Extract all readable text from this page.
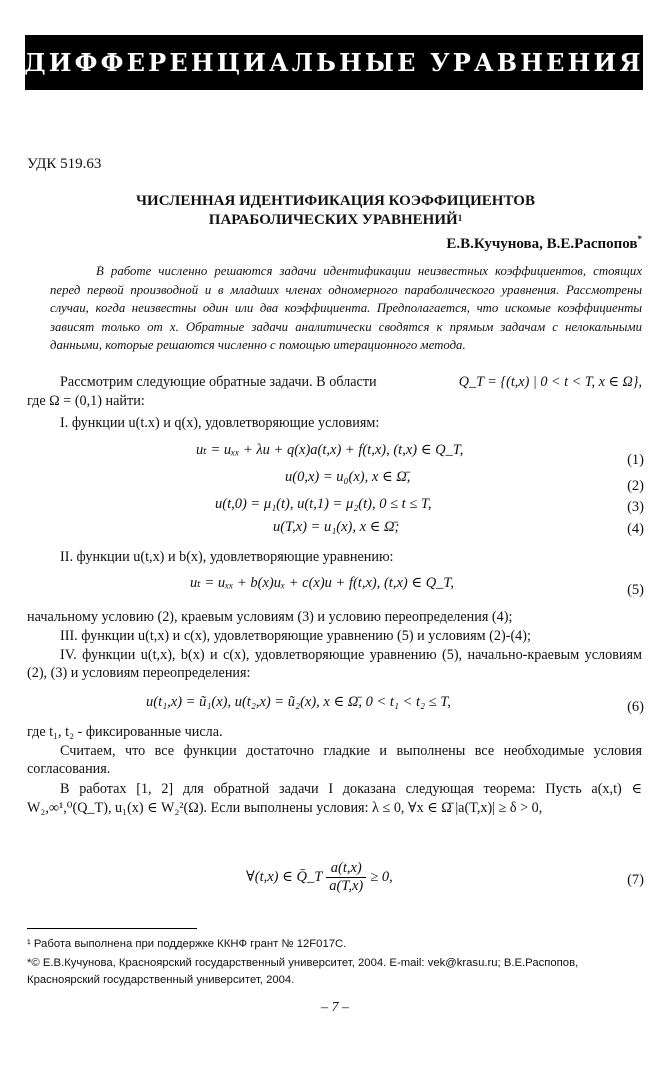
ДИФФЕРЕНЦИАЛЬНЫЕ УРАВНЕНИЯ
УДК 519.63
ЧИСЛЕННАЯ ИДЕНТИФИКАЦИЯ КОЭФФИЦИЕНТОВ
ПАРАБОЛИЧЕСКИХ УРАВНЕНИЙ$^1$
Е.В.Кучунова, В.Е.Распопов*

В работе численно решаются задачи идентификации неизвестных коэффициентов, стоящих перед первой производной и в младших членах одномерного параболического уравнения. Рассмотрены случаи, когда неизвестны один или два коэффициента. Предполагается, что искомые коэффициенты зависят только от x. Обратные задачи аналитически сводятся к прямым задачам с нелокальными данными, которые решаются численно с помощью итерационного метода.

Рассмотрим следующие обратные задачи. В области	Q_T = {(t,x) | 0 < t < T, x ∈ Ω},
где Ω = (0,1) найти:
I. функции u(t.x) и q(x), удовлетворяющие условиям:
uₜ = uₓₓ + λu + q(x)a(t,x) + f(t,x), (t,x) ∈ Q_T,
(1)
u(0,x) = u₀(x), x ∈ Ω̄,
(2)
u(t,0) = μ₁(t), u(t,1) = μ₂(t), 0 ≤ t ≤ T,	(3)
u(T,x) = u₁(x), x ∈ Ω̄;	(4)
II. функции u(t,x) и b(x), удовлетворяющие уравнению:
uₜ = uₓₓ + b(x)uₓ + c(x)u + f(t,x), (t,x) ∈ Q_T,	(5)
начальному условию (2), краевым условиям (3) и условию переопределения (4);
III. функции u(t,x) и c(x), удовлетворяющие уравнению (5) и условиям (2)-(4);
IV. функции u(t,x), b(x) и c(x), удовлетворяющие уравнению (5), начально-краевым условиям (2), (3) и условиям переопределения:
u(t₁,x) = ũ₁(x), u(t₂,x) = ũ₂(x), x ∈ Ω̄, 0 < t₁ < t₂ ≤ T,	(6)
где t₁, t₂ - фиксированные числа.
Считаем, что все функции достаточно гладкие и выполнены все необходимые условия согласования.
В работах [1, 2] для обратной задачи I доказана следующая теорема: Пусть a(x,t) ∈ W₂,∞¹,⁰(Q_T), u₁(x) ∈ W₂²(Ω). Если выполнены условия: λ ≤ 0, ∀x ∈ Ω̄ |a(T,x)| ≥ δ > 0,
∀(t,x) ∈ Q̄_T $\frac{a(t,x)}{a(T,x)} \ge 0$,	(7)

¹ Работа выполнена при поддержке ККНФ грант № 12F017С.

*© Е.В.Кучунова, Красноярский государственный университет, 2004. E-mail: vek@krasu.ru; В.Е.Распопов, Красноярский государственный университет, 2004.

– 7 –
